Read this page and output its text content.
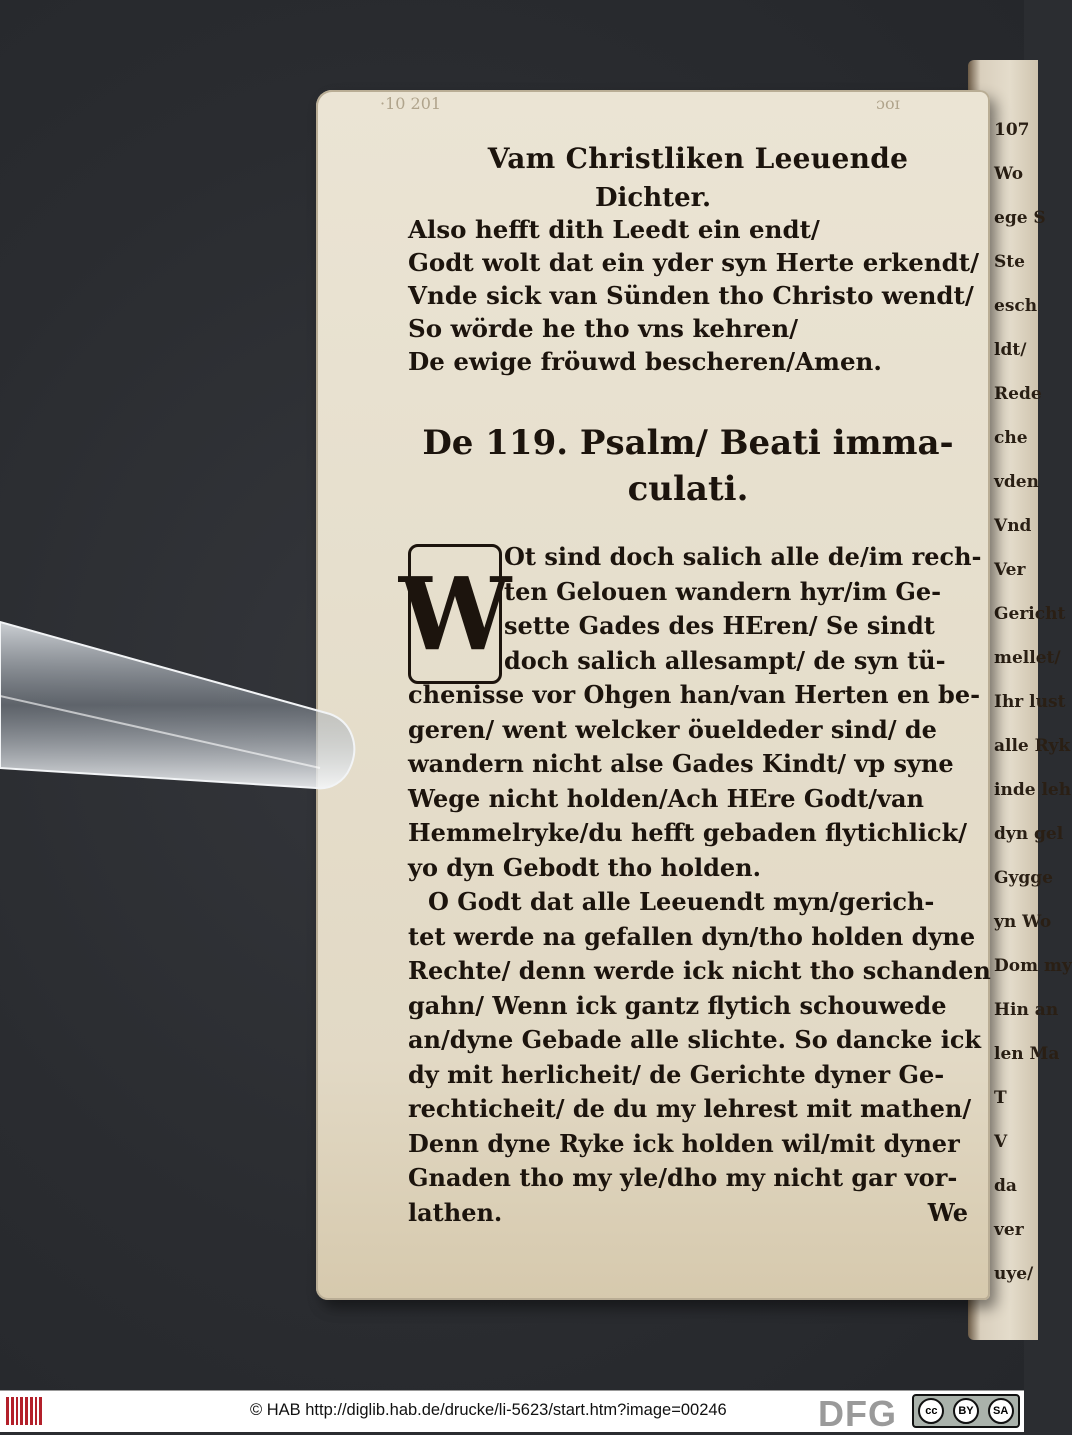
107
Wo
ege S
Ste
esch
ldt/
Rede
che
vden
Vnd
Ver
Gericht
mellet/
Ihr lust
alle Ryk
inde leh
dyn gel
Gygge
yn Wo
Dom my
Hin an
len Ma
T
V
da
ver
uye/
·10 201	ɔoɪ
Vam Christliken Leeuende
Dichter.
Also hefft dith Leedt ein endt/
Godt wolt dat ein yder syn Herte erkendt/
Vnde sick van Sünden tho Christo wendt/
So wörde he tho vns kehren/
De ewige fröuwd bescheren/Amen.
De 119. Psalm/ Beati imma-
culati.
W
Ot sind doch salich alle de/im rech-
ten Gelouen wandern hyr/im Ge-
sette Gades des HEren/ Se sindt
doch salich allesampt/ de syn tü-
chenisse vor Ohgen han/van Herten en be-
geren/ went welcker öueldeder sind/ de
wandern nicht alse Gades Kindt/ vp syne
Wege nicht holden/Ach HEre Godt/van
Hemmelryke/du hefft gebaden flytichlick/
yo dyn Gebodt tho holden.
O Godt dat alle Leeuendt myn/gerich-
tet werde na gefallen dyn/tho holden dyne
Rechte/ denn werde ick nicht tho schanden
gahn/ Wenn ick gantz flytich schouwede
an/dyne Gebade alle slichte. So dancke ick
dy mit herlicheit/ de Gerichte dyner Ge-
rechticheit/ de du my lehrest mit mathen/
Denn dyne Ryke ick holden wil/mit dyner
Gnaden tho my yle/dho my nicht gar vor-
lathen.	We
© HAB http://diglib.hab.de/drucke/li-5623/start.htm?image=00246	DFG	cc	BY	SA
